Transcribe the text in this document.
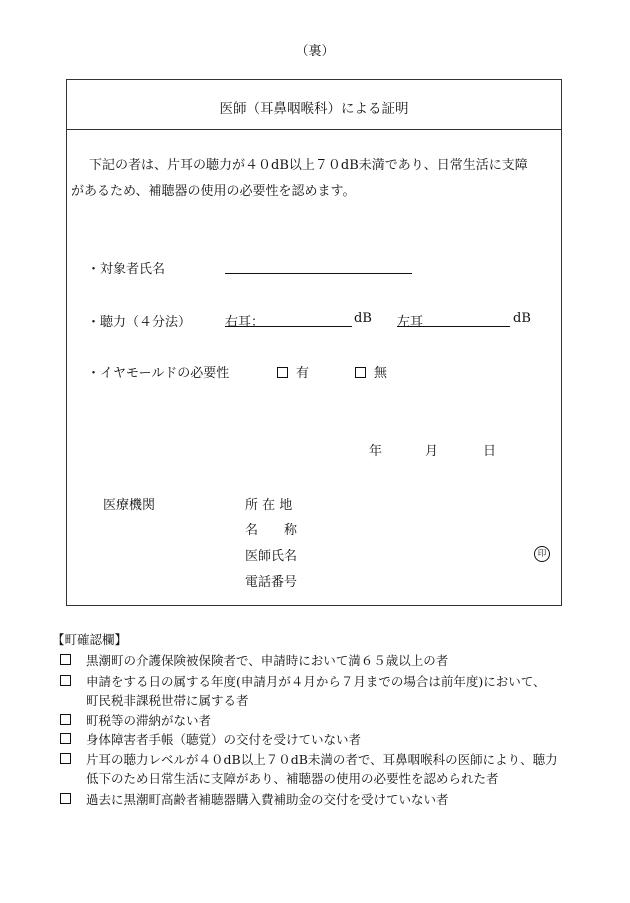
（裏）
医師（耳鼻咽喉科）による証明
下記の者は、片耳の聴力が４０dB以上７０dB未満であり、日常生活に支障
があるため、補聴器の使用の必要性を認めます。
・対象者氏名
・聴力（４分法）	右耳：	dB 左耳	dB
・イヤモールドの必要性	有	無
年	月	日
医療機関	所 在 地
名　　称
医師氏名	印
電話番号
【町確認欄】
黒潮町の介護保険被保険者で、申請時において満６５歳以上の者
申請をする日の属する年度(申請月が４月から７月までの場合は前年度)において、
町民税非課税世帯に属する者
町税等の滞納がない者
身体障害者手帳（聴覚）の交付を受けていない者
片耳の聴力レベルが４０dB以上７０dB未満の者で、耳鼻咽喉科の医師により、聴力
低下のため日常生活に支障があり、補聴器の使用の必要性を認められた者
過去に黒潮町高齢者補聴器購入費補助金の交付を受けていない者
